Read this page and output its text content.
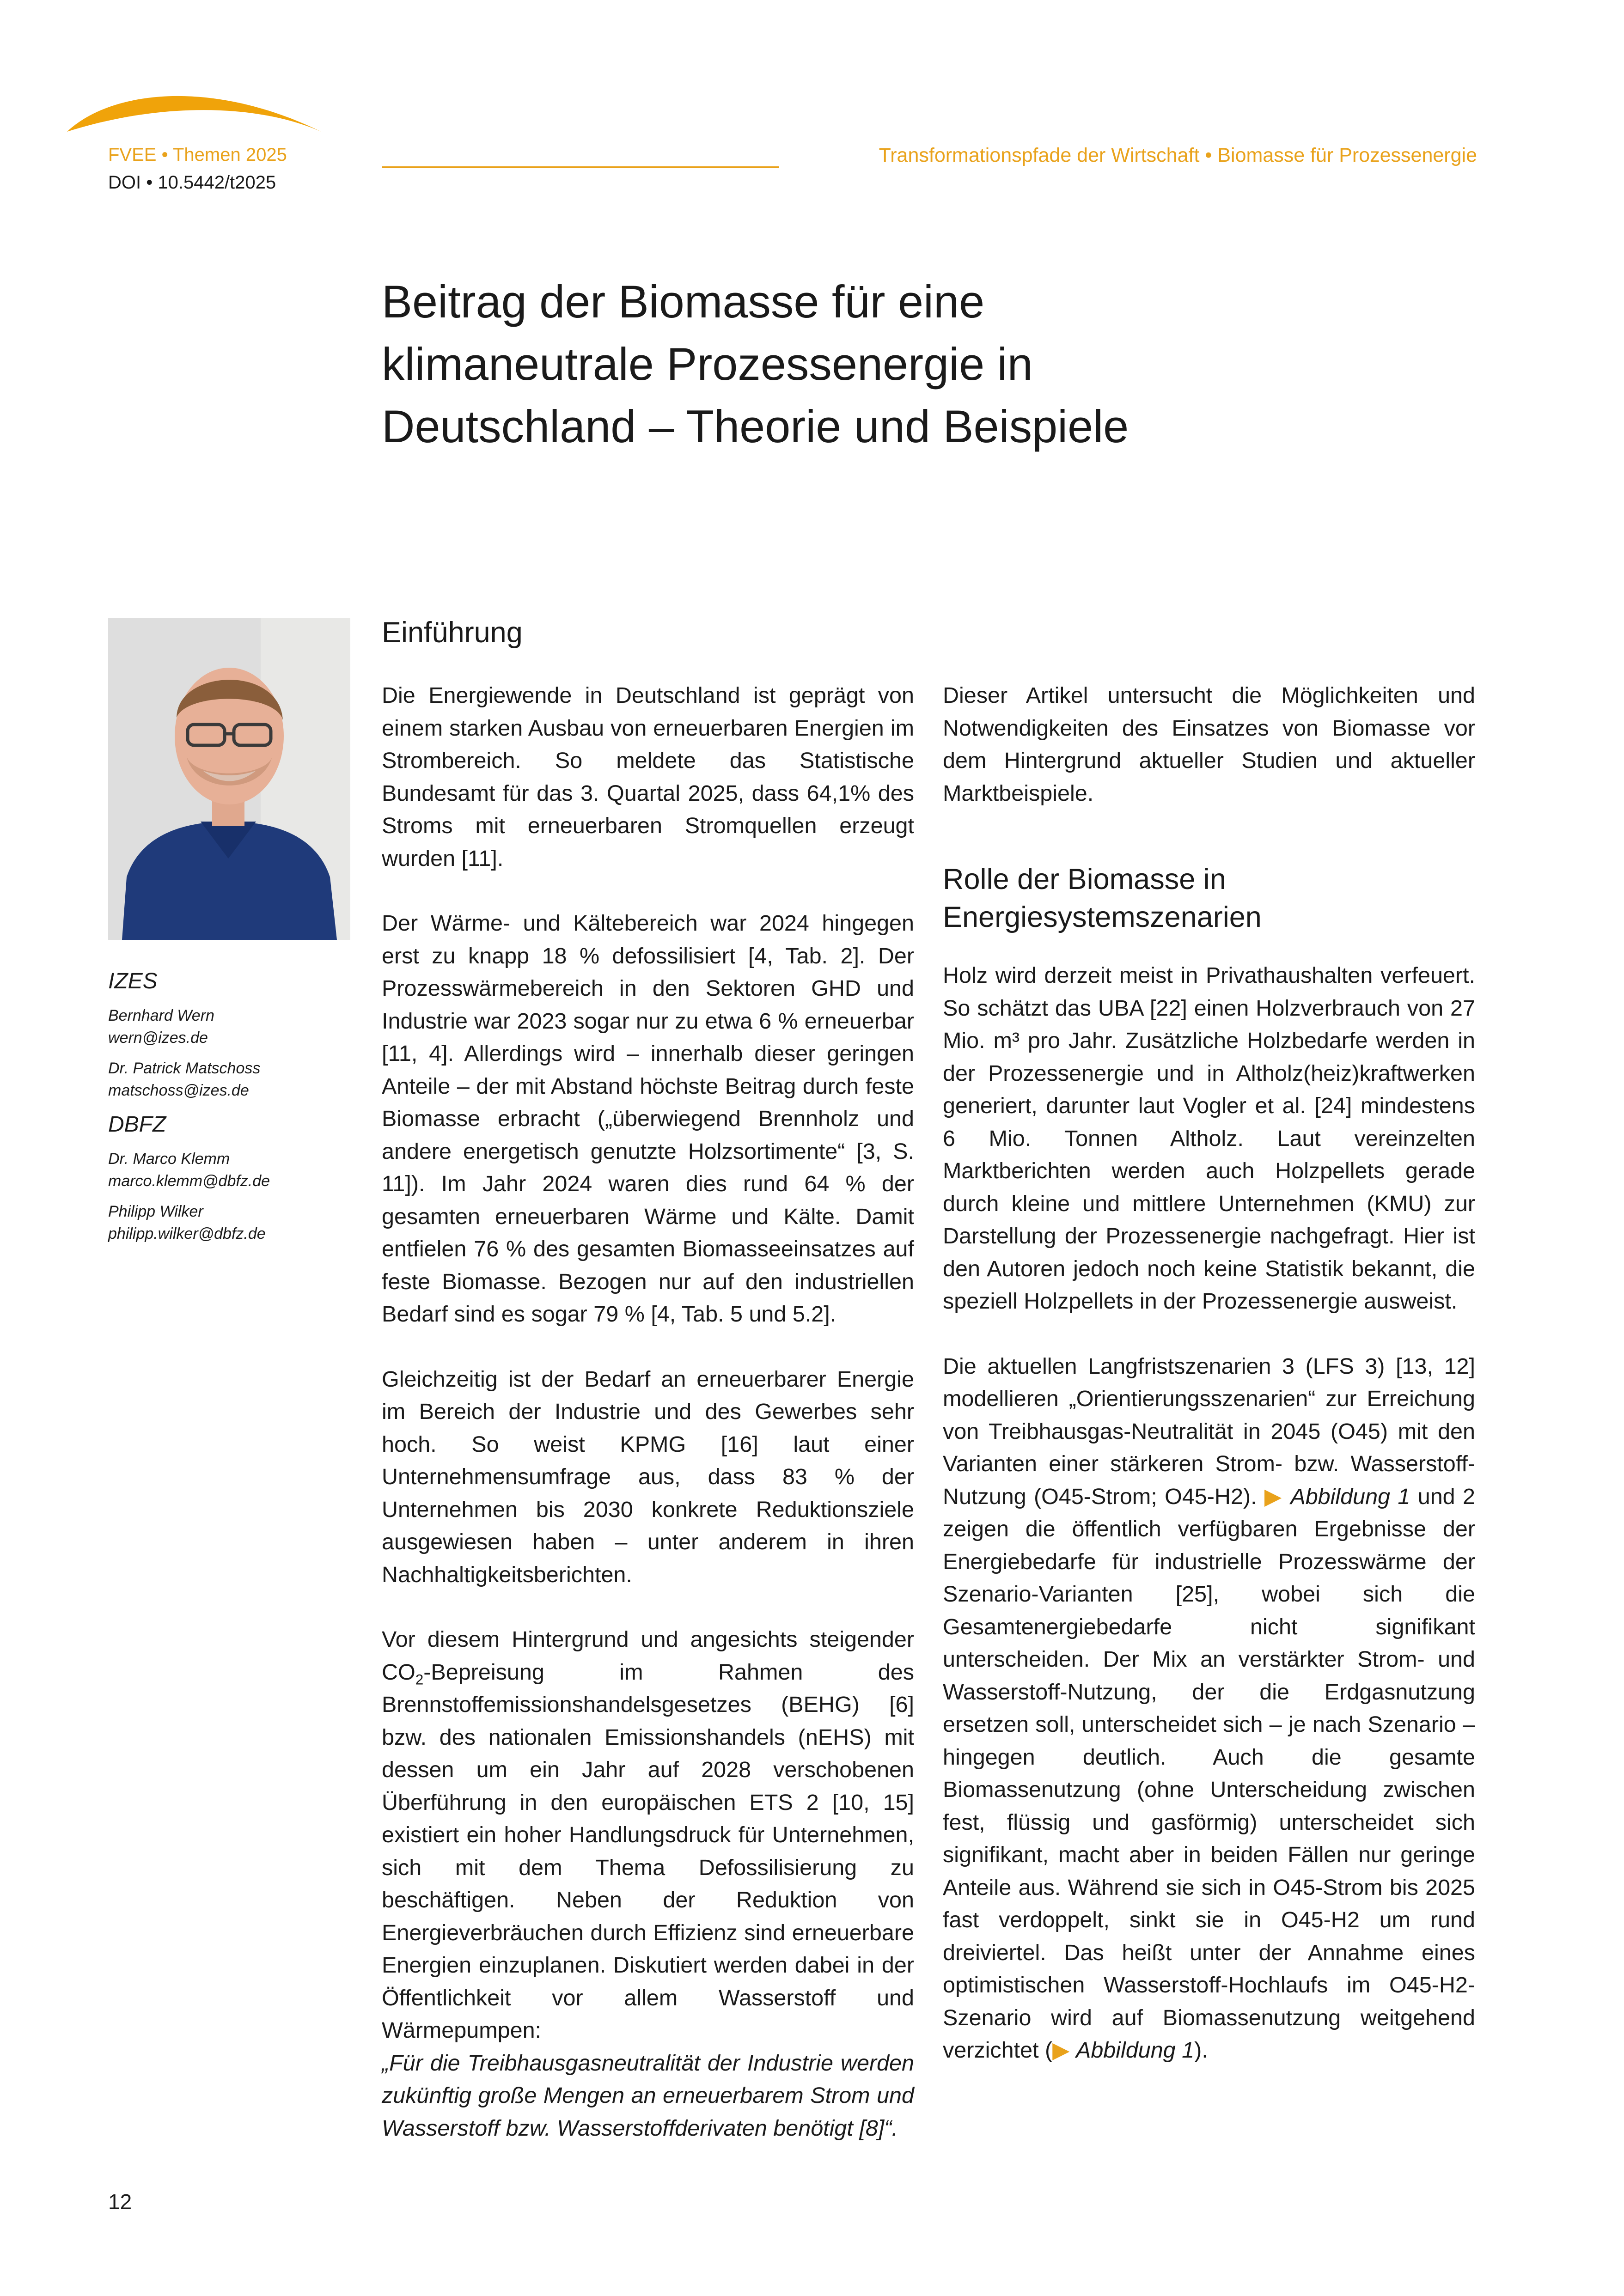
FVEE • Themen 2025
DOI • 10.5442/t2025
Transformationspfade der Wirtschaft • Biomasse für Prozessenergie
Beitrag der Biomasse für eine
klimaneutrale Prozessenergie in
Deutschland – Theorie und Beispiele
IZES
Bernhard Wern
wern@izes.de
Dr. Patrick Matschoss
matschoss@izes.de
DBFZ
Dr. Marco Klemm
marco.klemm@dbfz.de
Philipp Wilker
philipp.wilker@dbfz.de
Einführung

Die Energiewende in Deutschland ist geprägt von einem starken Ausbau von erneuerbaren Energien im Strombereich. So meldete das Statistische Bundesamt für das 3. Quartal 2025, dass 64,1% des Stroms mit erneuerbaren Stromquellen erzeugt wurden [11].

Der Wärme- und Kältebereich war 2024 hingegen erst zu knapp 18 % defossilisiert [4, Tab. 2]. Der Prozesswärmebereich in den Sektoren GHD und Industrie war 2023 sogar nur zu etwa 6 % erneuerbar [11, 4]. Allerdings wird – innerhalb dieser geringen Anteile – der mit Abstand höchste Beitrag durch feste Biomasse erbracht („überwiegend Brennholz und andere energetisch genutzte Holzsortimente“ [3, S. 11]). Im Jahr 2024 waren dies rund 64 % der gesamten erneuerbaren Wärme und Kälte. Damit entfielen 76 % des gesamten Biomasseeinsatzes auf feste Biomasse. Bezogen nur auf den industriellen Bedarf sind es sogar 79 % [4, Tab. 5 und 5.2].

Gleichzeitig ist der Bedarf an erneuerbarer Energie im Bereich der Industrie und des Gewerbes sehr hoch. So weist KPMG [16] laut einer Unternehmensumfrage aus, dass 83 % der Unternehmen bis 2030 konkrete Reduktionsziele ausgewiesen haben – unter anderem in ihren Nachhaltigkeitsberichten.

Vor diesem Hintergrund und angesichts steigender $CO_2$-Bepreisung im Rahmen des Brennstoffemissionshandelsgesetzes (BEHG) [6] bzw. des nationalen Emissionshandels (nEHS) mit dessen um ein Jahr auf 2028 verschobenen Überführung in den europäischen ETS 2 [10, 15] existiert ein hoher Handlungsdruck für Unternehmen, sich mit dem Thema Defossilisierung zu beschäftigen. Neben der Reduktion von Energieverbräuchen durch Effizienz sind erneuerbare Energien einzuplanen. Diskutiert werden dabei in der Öffentlichkeit vor allem Wasserstoff und Wärmepumpen:
„Für die Treibhausgasneutralität der Industrie werden zukünftig große Mengen an erneuerbarem Strom und Wasserstoff bzw. Wasserstoffderivaten benötigt [8]“.

Dieser Artikel untersucht die Möglichkeiten und Notwendigkeiten des Einsatzes von Biomasse vor dem Hintergrund aktueller Studien und aktueller Marktbeispiele.

Rolle der Biomasse in
Energiesystemszenarien

Holz wird derzeit meist in Privathaushalten verfeuert. So schätzt das UBA [22] einen Holzverbrauch von 27 Mio. m³ pro Jahr. Zusätzliche Holzbedarfe werden in der Prozessenergie und in Altholz(heiz)kraftwerken generiert, darunter laut Vogler et al. [24] mindestens 6 Mio. Tonnen Altholz. Laut vereinzelten Marktberichten werden auch Holzpellets gerade durch kleine und mittlere Unternehmen (KMU) zur Darstellung der Prozessenergie nachgefragt. Hier ist den Autoren jedoch noch keine Statistik bekannt, die speziell Holzpellets in der Prozessenergie ausweist.

Die aktuellen Langfristszenarien 3 (LFS 3) [13, 12] modellieren „Orientierungsszenarien“ zur Erreichung von Treibhausgas-Neutralität in 2045 (O45) mit den Varianten einer stärkeren Strom- bzw. Wasserstoff-Nutzung (O45-Strom; O45-H2). ▶ Abbildung 1 und 2 zeigen die öffentlich verfügbaren Ergebnisse der Energiebedarfe für industrielle Prozesswärme der Szenario-Varianten [25], wobei sich die Gesamtenergiebedarfe nicht signifikant unterscheiden. Der Mix an verstärkter Strom- und Wasserstoff-Nutzung, der die Erdgasnutzung ersetzen soll, unterscheidet sich – je nach Szenario – hingegen deutlich. Auch die gesamte Biomassenutzung (ohne Unterscheidung zwischen fest, flüssig und gasförmig) unterscheidet sich signifikant, macht aber in beiden Fällen nur geringe Anteile aus. Während sie sich in O45-Strom bis 2025 fast verdoppelt, sinkt sie in O45-H2 um rund dreiviertel. Das heißt unter der Annahme eines optimistischen Wasserstoff-Hochlaufs im O45-H2-Szenario wird auf Biomassenutzung weitgehend verzichtet (▶ Abbildung 1).

12
